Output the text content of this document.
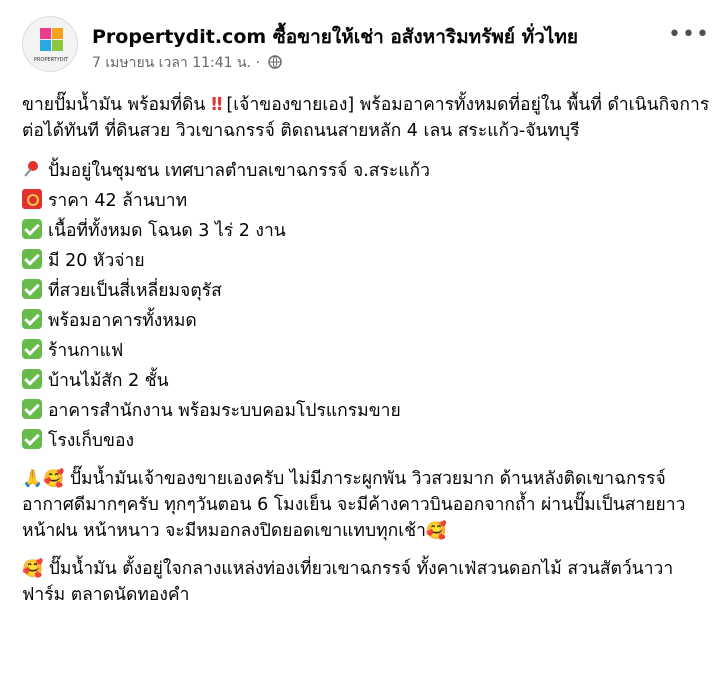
PROPERTYDIT
Propertydit.com ซื้อขายให้เช่า อสังหาริมทรัพย์ ทั่วไทย
7 เมษายน เวลา 11:41 น. ·
•••

ขายปั๊มน้ำมัน พร้อมที่ดิน ‼ [เจ้าของขายเอง] พร้อมอาคารทั้งหมดที่อยู่ใน พื้นที่ ดำเนินกิจการต่อได้ทันที ที่ดินสวย วิวเขาฉกรรจ์ ติดถนนสายหลัก 4 เลน สระแก้ว-จันทบุรี

ปั้มอยู่ในชุมชน เทศบาลตำบลเขาฉกรรจ์ จ.สระแก้ว
ราคา 42 ล้านบาท
เนื้อที่ทั้งหมด โฉนด 3 ไร่ 2 งาน
มี 20 หัวจ่าย
ที่สวยเป็นสี่เหลี่ยมจตุรัส
พร้อมอาคารทั้งหมด
ร้านกาแฟ
บ้านไม้สัก 2 ชั้น
อาคารสำนักงาน พร้อมระบบคอมโปรแกรมขาย
โรงเก็บของ

🙏🥰 ปั๊มน้ำมันเจ้าของขายเองครับ ไม่มีภาระผูกพัน วิวสวยมาก ด้านหลังติดเขาฉกรรจ์ อากาศดีมากๆครับ ทุกๆวันตอน 6 โมงเย็น จะมีค้างคาวบินออกจากถ้ำ ผ่านปั๊มเป็นสายยาว หน้าฝน หน้าหนาว จะมีหมอกลงปิดยอดเขาแทบทุกเช้า🥰

🥰 ปั๊มน้ำมัน ตั้งอยู่ใจกลางแหล่งท่องเที่ยวเขาฉกรรจ์ ทั้งคาเฟ่สวนดอกไม้ สวนสัตว์นาวาฟาร์ม ตลาดนัดทองคำ
